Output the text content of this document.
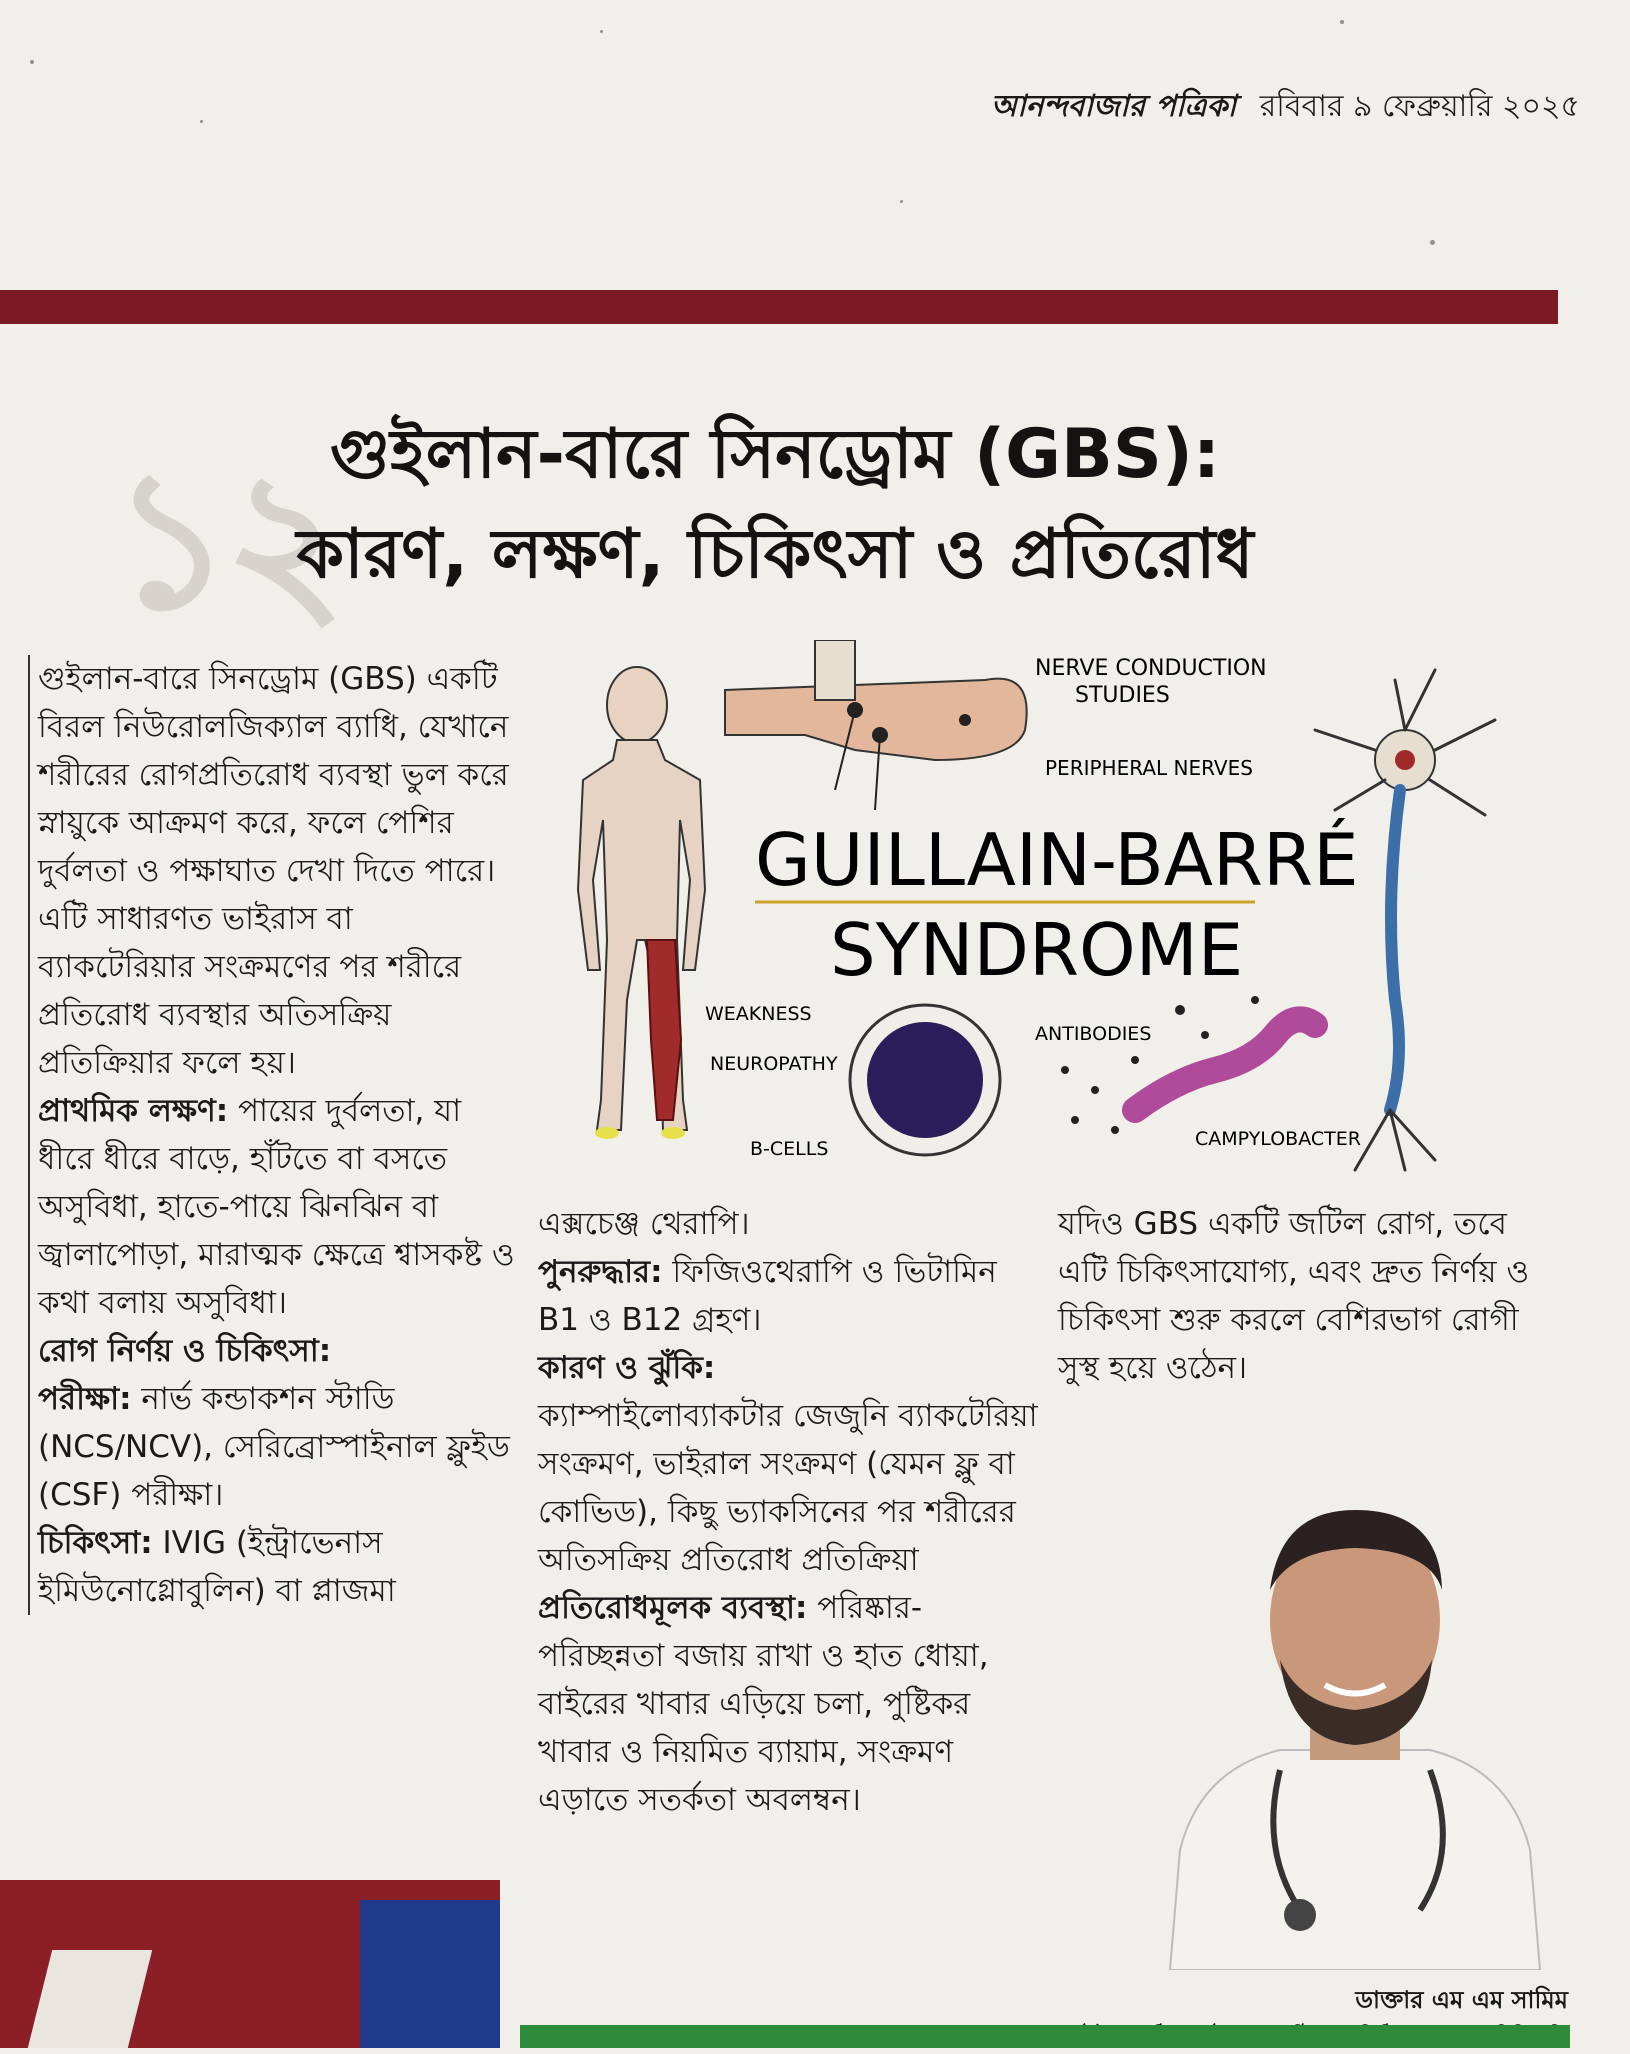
আনন্দবাজার পত্রিকা রবিবার ৯ ফেব্রুয়ারি ২০২৫
১২
গুইলান-বারে সিনড্রোম (GBS):
কারণ, লক্ষণ, চিকিৎসা ও প্রতিরোধ

গুইলান-বারে সিনড্রোম (GBS) একটি বিরল নিউরোলজিক্যাল ব্যাধি, যেখানে শরীরের রোগপ্রতিরোধ ব্যবস্থা ভুল করে স্নায়ুকে আক্রমণ করে, ফলে পেশির দুর্বলতা ও পক্ষাঘাত দেখা দিতে পারে। এটি সাধারণত ভাইরাস বা ব্যাকটেরিয়ার সংক্রমণের পর শরীরে প্রতিরোধ ব্যবস্থার অতিসক্রিয় প্রতিক্রিয়ার ফলে হয়।

প্রাথমিক লক্ষণ: পায়ের দুর্বলতা, যা ধীরে ধীরে বাড়ে, হাঁটতে বা বসতে অসুবিধা, হাতে-পায়ে ঝিনঝিন বা জ্বালাপোড়া, মারাত্মক ক্ষেত্রে শ্বাসকষ্ট ও কথা বলায় অসুবিধা।

রোগ নির্ণয় ও চিকিৎসা:

পরীক্ষা: নার্ভ কন্ডাকশন স্টাডি (NCS/NCV), সেরিব্রোস্পাইনাল ফ্লুইড (CSF) পরীক্ষা।

চিকিৎসা: IVIG (ইন্ট্রাভেনাস ইমিউনোগ্লোবুলিন) বা প্লাজমা

NERVE CONDUCTION
STUDIES
PERIPHERAL NERVES
GUILLAIN-BARRÉ
SYNDROME
WEAKNESS
NEUROPATHY
B-CELLS
ANTIBODIES
CAMPYLOBACTER

এক্সচেঞ্জ থেরাপি।

পুনরুদ্ধার: ফিজিওথেরাপি ও ভিটামিন B1 ও B12 গ্রহণ।

কারণ ও ঝুঁকি:

ক্যাম্পাইলোব্যাকটার জেজুনি ব্যাকটেরিয়া সংক্রমণ, ভাইরাল সংক্রমণ (যেমন ফ্লু বা কোভিড), কিছু ভ্যাকসিনের পর শরীরের অতিসক্রিয় প্রতিরোধ প্রতিক্রিয়া

প্রতিরোধমূলক ব্যবস্থা: পরিষ্কার-পরিচ্ছন্নতা বজায় রাখা ও হাত ধোয়া, বাইরের খাবার এড়িয়ে চলা, পুষ্টিকর খাবার ও নিয়মিত ব্যায়াম, সংক্রমণ এড়াতে সতর্কতা অবলম্বন।

যদিও GBS একটি জটিল রোগ, তবে এটি চিকিৎসাযোগ্য, এবং দ্রুত নির্ণয় ও চিকিৎসা শুরু করলে বেশিরভাগ রোগী সুস্থ হয়ে ওঠেন।

ডাক্তার এম এম সামিম
